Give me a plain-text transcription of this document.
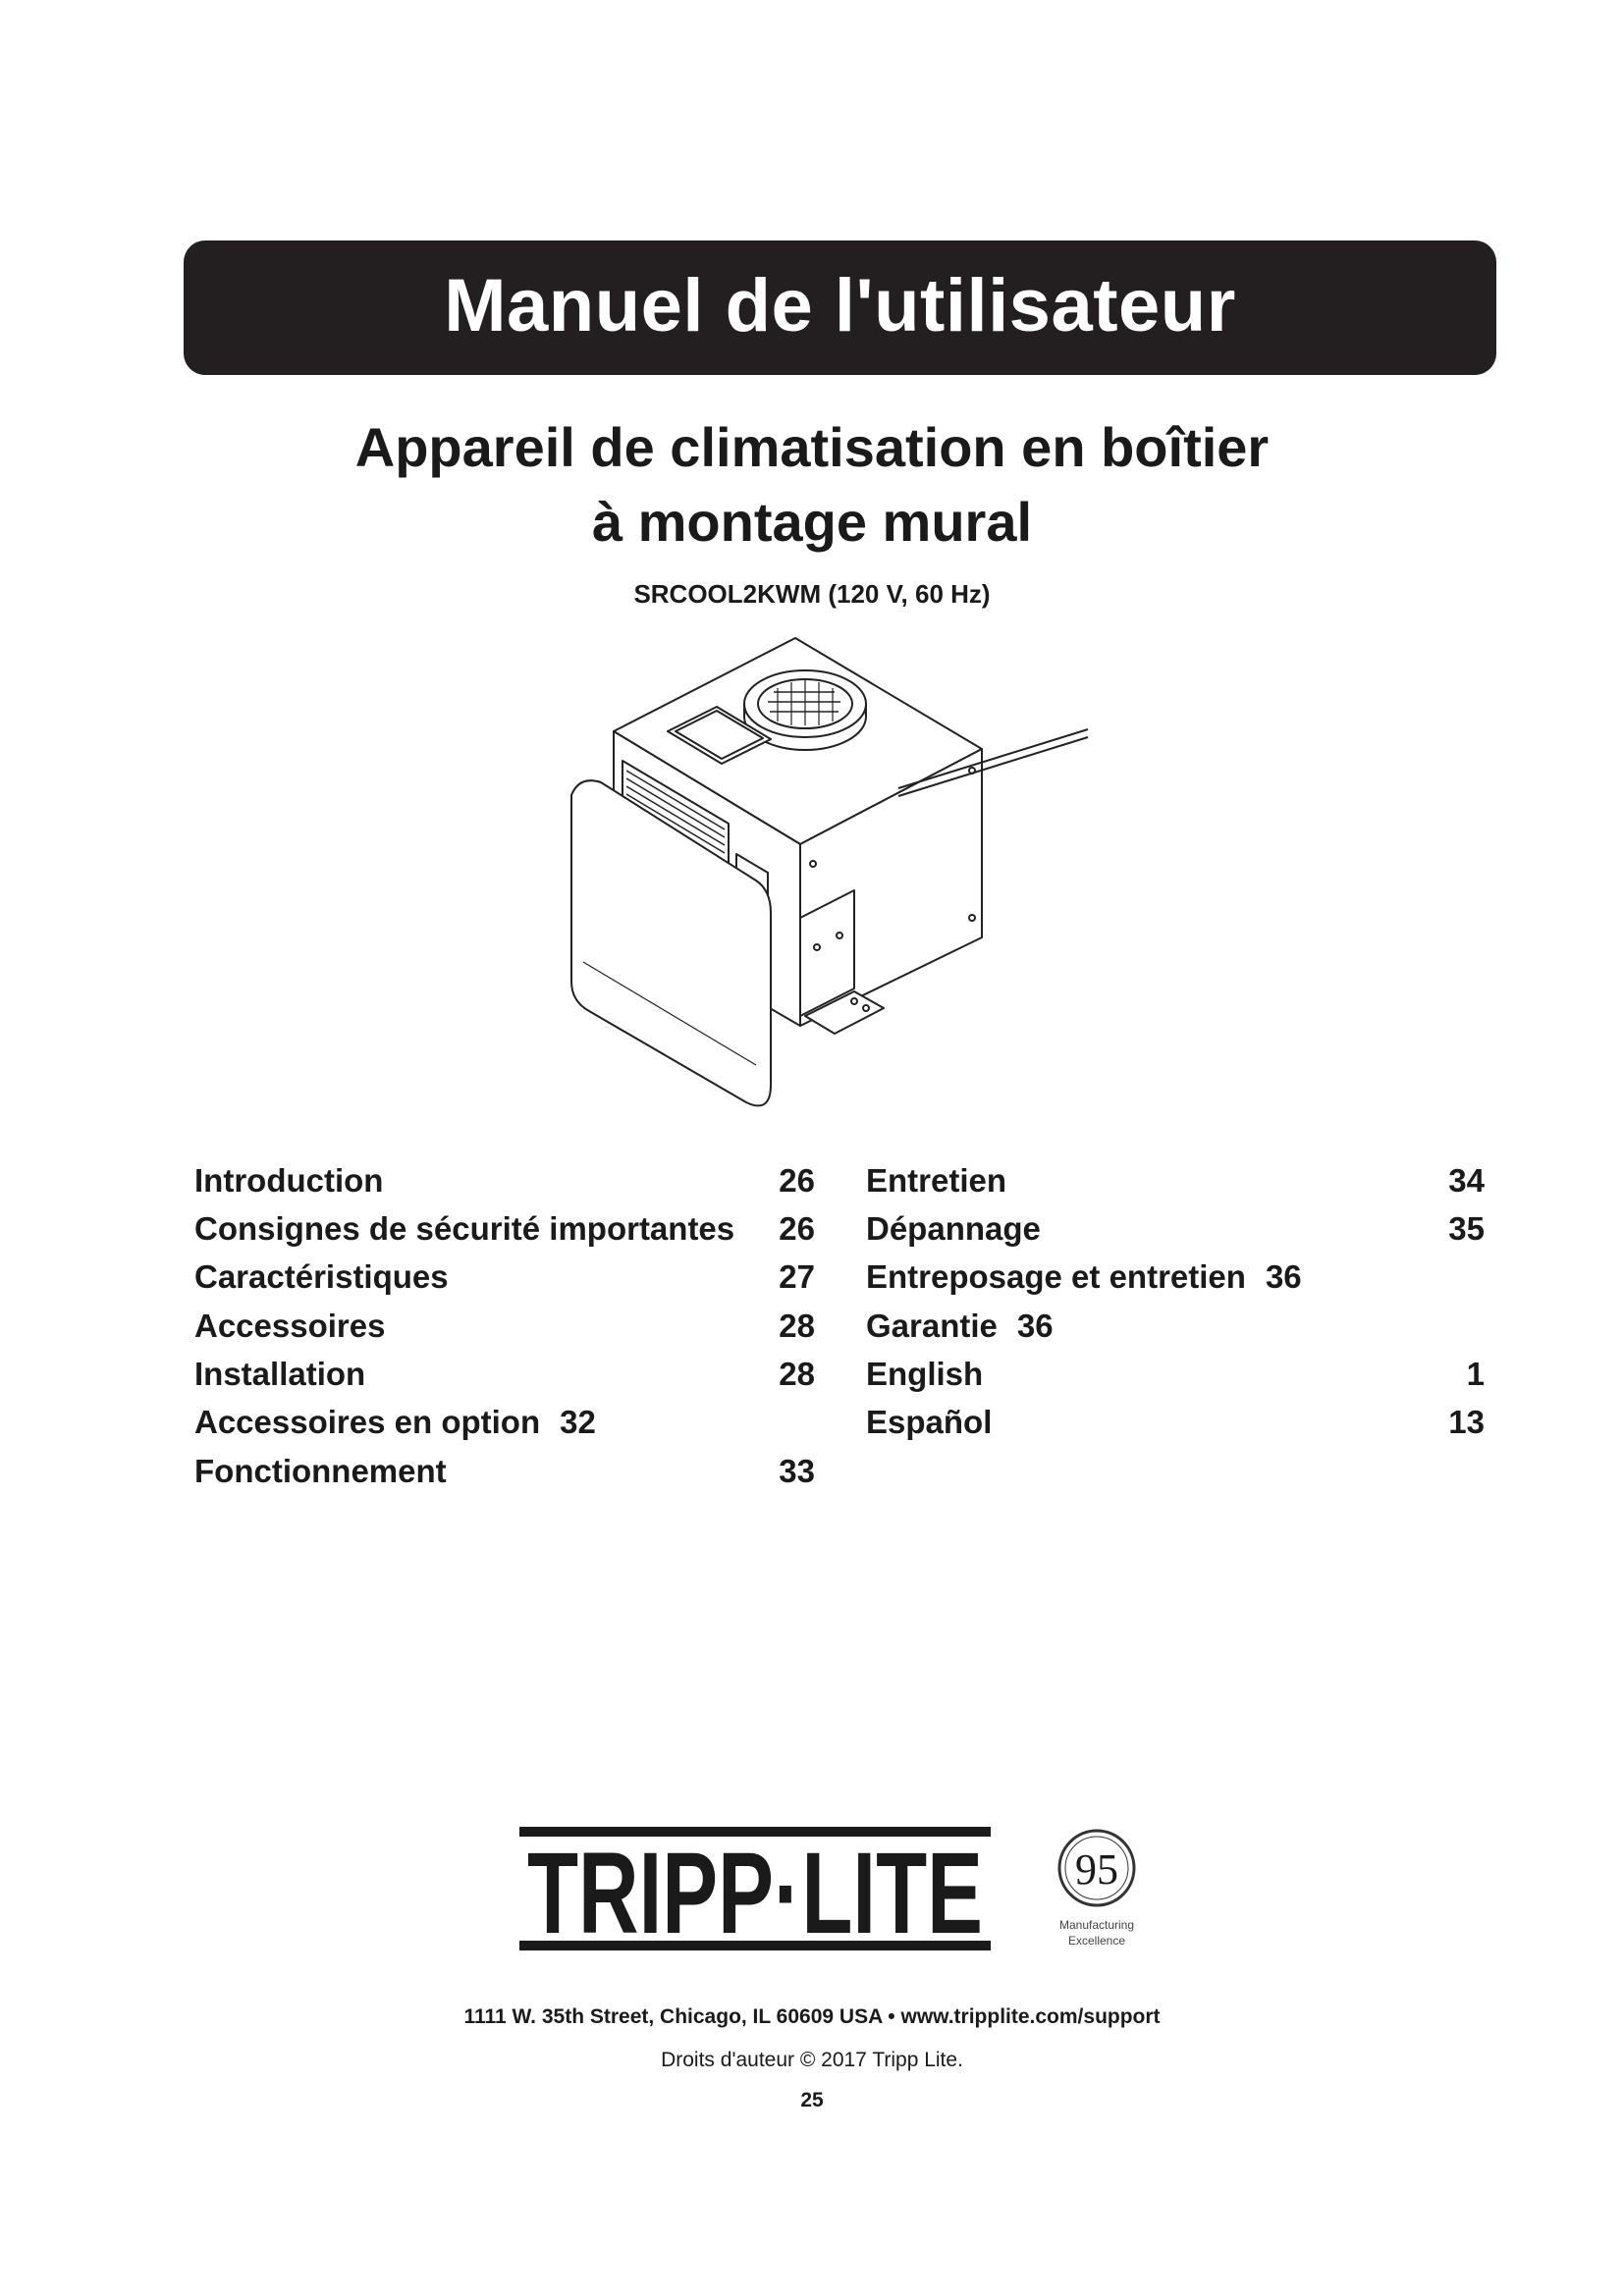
Manuel de l'utilisateur
Appareil de climatisation en boîtier
à montage mural
SRCOOL2KWM (120 V, 60 Hz)
Introduction	26
Consignes de sécurité importantes 26
Caractéristiques	27
Accessoires	28
Installation	28
Accessoires en option 32
Fonctionnement	33
Entretien	34
Dépannage	35
Entreposage et entretien 36
Garantie 36
English	1
Español	13
TRIPP·LITE 95
Manufacturing
Excellence
1111 W. 35th Street, Chicago, IL 60609 USA • www.tripplite.com/support
Droits d'auteur © 2017 Tripp Lite.
25
